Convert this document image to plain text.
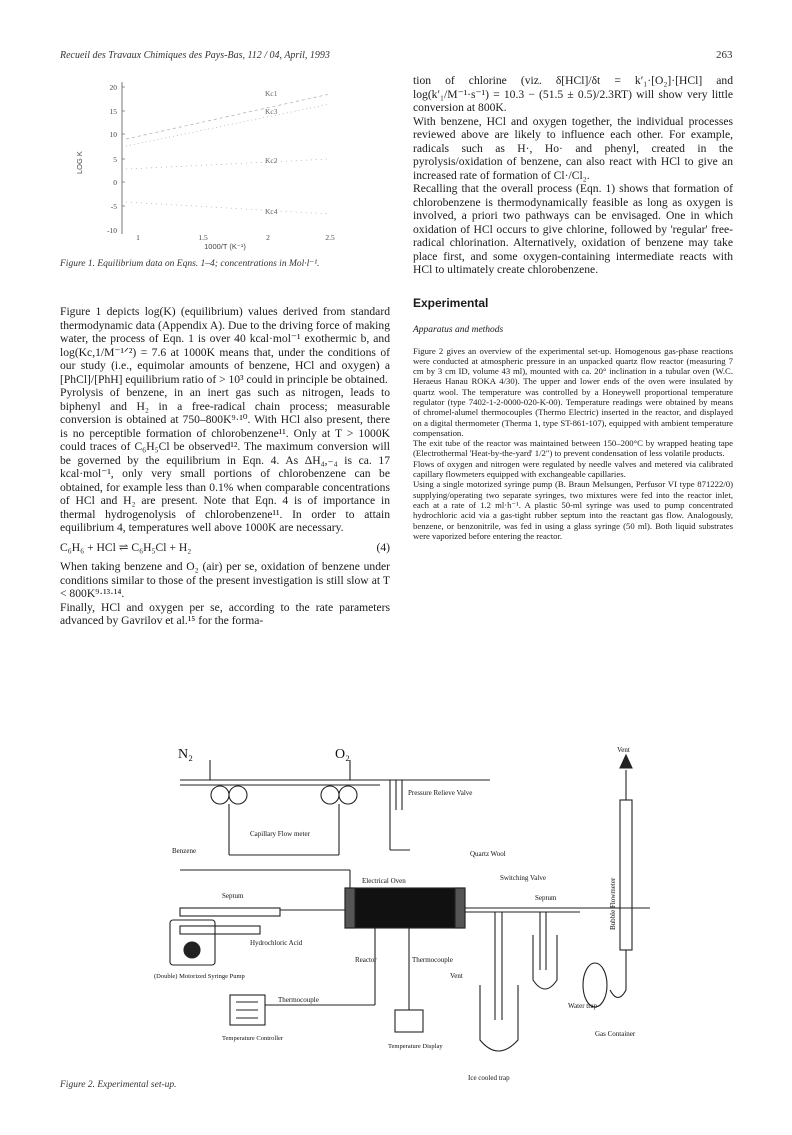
Recueil des Travaux Chimiques des Pays-Bas, 112 / 04, April, 1993	263
20
15
10
5
0
-5
-10
LOG K
1	1.5	2	2.5
1000/T (K⁻¹)
Kc1
Kc3
Kc2
Kc4
Figure 1. Equilibrium data on Eqns. 1–4; concentrations in Mol·l⁻¹.

Figure 1 depicts log(K) (equilibrium) values derived from standard thermodynamic data (Appendix A). Due to the driving force of making water, the process of Eqn. 1 is over 40 kcal·mol⁻¹ exothermic b, and log(Kc,1/M⁻¹ᐟ²) = 7.6 at 1000K means that, under the conditions of our study (i.e., equimolar amounts of benzene, HCl and oxygen) a [PhCl]/[PhH] equilibrium ratio of > 10³ could in principle be obtained.

Pyrolysis of benzene, in an inert gas such as nitrogen, leads to biphenyl and H₂ in a free-radical chain process; measurable conversion is obtained at 750–800K⁹·¹⁰. With HCl also present, there is no perceptible formation of chlorobenzene¹¹. Only at T > 1000K could traces of C₆H₅Cl be observed¹². The maximum conversion will be governed by the equilibrium in Eqn. 4. As ΔH₄,₋₄ is ca. 17 kcal·mol⁻¹, only very small portions of chlorobenzene can be obtained, for example less than 0.1% when comparable concentrations of HCl and H₂ are present. Note that Eqn. 4 is of importance in thermal hydrogenolysis of chlorobenzene¹¹. In order to attain equilibrium 4, temperatures well above 1000K are necessary.

C₆H₆ + HCl ⇌ C₆H₅Cl + H₂	(4)

When taking benzene and O₂ (air) per se, oxidation of benzene under conditions similar to those of the present investigation is still slow at T < 800K⁹·¹³·¹⁴.

Finally, HCl and oxygen per se, according to the rate parameters advanced by Gavrilov et al.¹⁵ for the forma-

tion of chlorine (viz. δ[HCl]/δt = k′₁·[O₂]·[HCl] and log(k′₁/M⁻¹·s⁻¹) = 10.3 − (51.5 ± 0.5)/2.3RT) will show very little conversion at 800K.

With benzene, HCl and oxygen together, the individual processes reviewed above are likely to influence each other. For example, radicals such as H·, Ho· and phenyl, created in the pyrolysis/oxidation of benzene, can also react with HCl to give an increased rate of formation of Cl·/Cl₂.

Recalling that the overall process (Eqn. 1) shows that formation of chlorobenzene is thermodynamically feasible as long as oxygen is involved, a priori two pathways can be envisaged. One in which oxidation of HCl occurs to give chlorine, followed by 'regular' free-radical chlorination. Alternatively, oxidation of benzene may take place first, and some oxygen-containing intermediate reacts with HCl to ultimately create chlorobenzene.

Experimental
Apparatus and methods

Figure 2 gives an overview of the experimental set-up. Homogenous gas-phase reactions were conducted at atmospheric pressure in an unpacked quartz flow reactor (measuring 7 cm by 3 cm ID, volume 43 ml), mounted with ca. 20° inclination in a tubular oven (W.C. Heraeus Hanau ROKA 4/30). The upper and lower ends of the oven were insulated by quartz wool. The temperature was controlled by a Honeywell proportional temperature regulator (type 7402-1-2-0000-020-K-00). Temperature readings were obtained by means of chromel-alumel thermocouples (Thermo Electric) inserted in the reactor, and displayed on a digital thermometer (Therma 1, type ST-861-107), equipped with ambient temperature compensation.

The exit tube of the reactor was maintained between 150–200°C by wrapped heating tape (Electrothermal 'Heat-by-the-yard' 1/2") to prevent condensation of less volatile products.

Flows of oxygen and nitrogen were regulated by needle valves and metered via calibrated capillary flowmeters equipped with exchangeable capillaries.

Using a single motorized syringe pump (B. Braun Melsungen, Perfusor VI type 871222/0) supplying/operating two separate syringes, two mixtures were fed into the reactor inlet, each at a rate of 1.2 ml·h⁻¹. A plastic 50-ml syringe was used to pump concentrated hydrochloric acid via a gas-tight rubber septum into the reactant gas flow. Analogously, benzene, or benzonitrile, was fed in using a glass syringe (50 ml). Both liquid substrates were vaporized before entering the reactor.

N₂	O₂	Vent
Pressure Relieve Valve
Capillary Flow meter
Benzene	Quartz Wool
Electrical Oven	Switching Valve
Septum	Septum	Bubble Flowmeter
Hydrochloric Acid
(Double) Motorized Syringe Pump
Reactor	Thermocouple
Thermocouple
Vent
Water trap
Gas Container
Temperature Controller
Temperature Display
Ice cooled trap
Figure 2. Experimental set-up.
